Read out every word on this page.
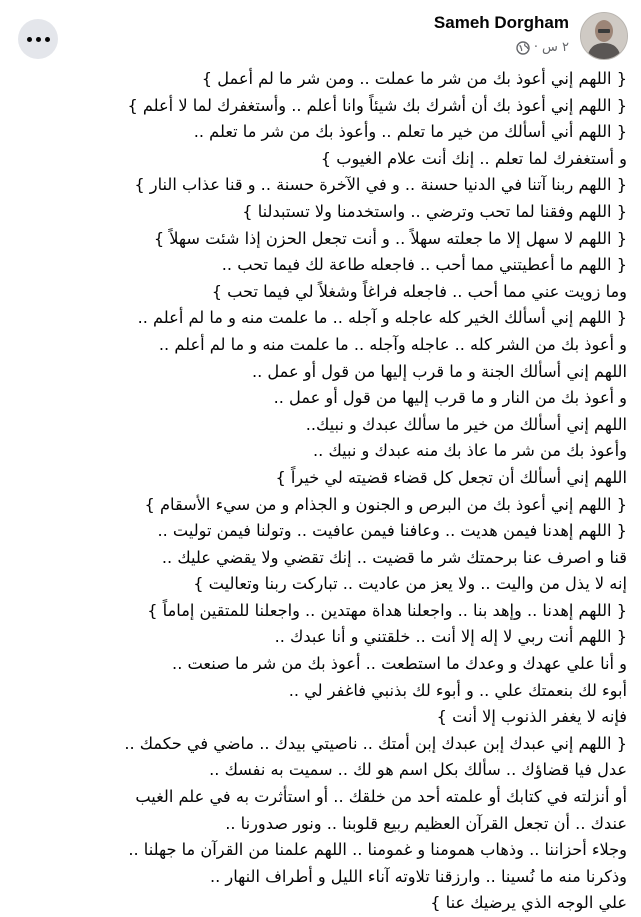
Sameh Dorgham
٢ س
·
{ اللهم إني أعوذ بك من شر ما عملت .. ومن شر ما لم أعمل }
{ اللهم إني أعوذ بك أن أشرك بك شيئاً وانا أعلم .. وأستغفرك لما لا أعلم }
{ اللهم أني أسألك من خير ما تعلم .. وأعوذ بك من شر ما تعلم ..
و أستغفرك لما تعلم .. إنك أنت علام الغيوب }
{ اللهم ربنا آتنا في الدنيا حسنة .. و في الآخرة حسنة .. و قنا عذاب النار }
{ اللهم وفقنا لما تحب وترضي .. واستخدمنا ولا تستبدلنا }
{ اللهم لا سهل إلا ما جعلته سهلاً .. و أنت تجعل الحزن إذا شئت سهلاً }
{ اللهم ما أعطيتني مما أحب .. فاجعله طاعة لك فيما تحب ..
وما زويت عني مما أحب .. فاجعله فراغاً وشغلاً لي فيما تحب }
{ اللهم إني أسألك الخير كله عاجله و آجله .. ما علمت منه و ما لم أعلم ..
و أعوذ بك من الشر كله .. عاجله وآجله .. ما علمت منه و ما لم أعلم ..
اللهم إني أسألك الجنة و ما قرب إليها من قول أو عمل ..
و أعوذ بك من النار و ما قرب إليها من قول أو عمل ..
اللهم إني أسألك من خير ما سألك عبدك و نبيك..
وأعوذ بك من شر ما عاذ بك منه عبدك و نبيك ..
اللهم إني أسألك أن تجعل كل قضاء قضيته لي خيراً }
{ اللهم إني أعوذ بك من البرص و الجنون و الجذام و من سيء الأسقام }
{ اللهم إهدنا فيمن هديت .. وعافنا فيمن عافيت .. وتولنا فيمن توليت ..
قنا و اصرف عنا برحمتك شر ما قضيت .. إنك تقضي ولا يقضي عليك ..
إنه لا يذل من واليت .. ولا يعز من عاديت .. تباركت ربنا وتعاليت }
{ اللهم إهدنا .. وإهد بنا .. واجعلنا هداة مهتدين .. واجعلنا للمتقين إماماً }
{ اللهم أنت ربي لا إله إلا أنت .. خلقتني و أنا عبدك ..
و أنا علي عهدك و وعدك ما استطعت .. أعوذ بك من شر ما صنعت ..
أبوء لك بنعمتك علي .. و أبوء لك بذنبي فاغفر لي ..
فإنه لا يغفر الذنوب إلا أنت }
{ اللهم إني عبدك إبن عبدك إبن أمتك .. ناصيتي بيدك .. ماضي في حكمك ..
عدل فيا قضاؤك .. سألك بكل اسم هو لك .. سميت به نفسك ..
أو أنزلته في كتابك أو علمته أحد من خلقك .. أو استأثرت به في علم الغيب
عندك .. أن تجعل القرآن العظيم ربيع قلوبنا .. ونور صدورنا ..
وجلاء أحزاننا .. وذهاب همومنا و غمومنا .. اللهم علمنا من القرآن ما جهلنا ..
وذكرنا منه ما نُسينا .. وارزقنا تلاوته آناء الليل و أطراف النهار ..
علي الوجه الذي يرضيك عنا }
